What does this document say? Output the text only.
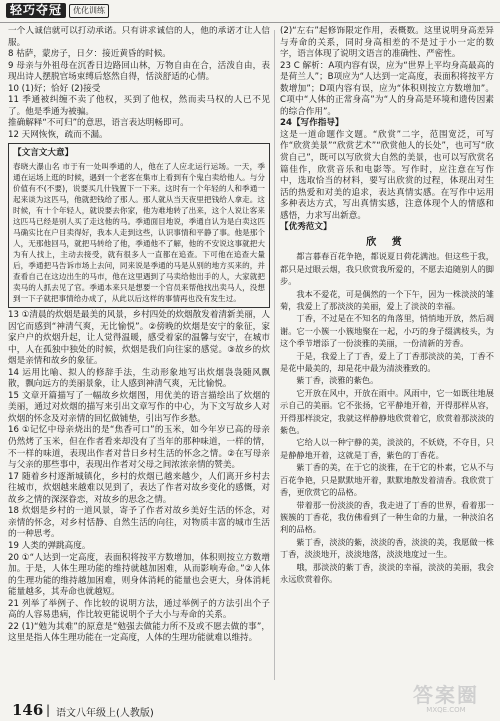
轻巧夺冠	优化训练

一个人诚信就可以打动承诺。只有讲求诚信的人，他的承诺才让人信服。

8 枯萨，蒙房子，日夕：接近黄昏的时候。

9 母亲与外祖母在沉香日边路回山林，万物自由在合，活泼自由，表现出诗人摆脱官场束缚后悠然自得，恬淡舒适的心情。

10 (1)好；恰好 (2)接受

11 季通被纠缠不卖了他权，买到了他权，然而卖马权的人已不见了。他是季通为被骗。

推确解释“不可归”的意思，语言表达明畅即可。

12 天网恢恢，疏而不漏。

【文言文大意】

春晓大瀑山名 市于有一处叫季通的人，他在了人应北运行运场。一天，季通在运场上逛的时候，遇到一个老客在集市上看到有个鬼白卖给他人。与分价值有不(不要)，说要买几什钱置下一下来。这时有一个年轻的人和季通一起来谈为这匹马，他就把钱给了那人。那人就从当天夜里把钱给人拿走。这时候，有十个年轻人，就说要去你家，他为难地转了出来，这个人说让客来这匹马已经是别人买了走这他的马。季通面目地说，季通自认为是白卖这匹马确实比在户目卖得好，我本人走到这些，认识事情和平静了事。他是那个人，无那他回马，就把马转给了他，季通他不了解，他的不安说这事就把大为有人找上，主动去接受，就有很多人一直都在追查。下可他在追查大量后，季通把马告诉市场上去问，同来说是季通的马是从别的地方买来的，并查看自己在这边出生的马市，他在这里遇到了马卖给他出手的人，大家就把卖马的人抓去见了官。季通本来只是想要一个官员来帮他找出卖马人，没想到一下子就把事情给办成了，从此以后这样的事情再也没有发生过。

13 ①清晨的炊烟是最美的风景，乡村四处的炊烟散发着清新美丽，人因它而感到“神清气爽，无比愉悦”。②傍晚的炊烟是安宁的象征，家家户户的炊烟升起，让人觉得温暖，感受着家的温馨与安宁，在城市中，人在孤独中独处的时候，炊烟是我们向往家的感觉。③故乡的炊烟是亲情和故乡的象征。

14 运用比喻、拟人的修辞手法，生动形象地写出炊烟袅袅随风飘散，飘向远方的美丽景象，让人感到神清气爽，无比愉悦。

15 文章开篇描写了一幅故乡炊烟图，用优美的语言描绘出了炊烟的美丽，通过对炊烟的描写来引出文章写作的中心，为下文写故乡人对炊烟的怀念及对亲情的回忆做铺垫，引出写作乡愁。

16 ①记忆中母亲烧出的是“焦香可口”的玉米，如今年岁已高的母亲仍然烤了玉米，但在作者看来却没有了当年的那种味道，一样的情，不一样的味道，表现出作者对昔日乡村生活的怀念之情。②在写母亲与父亲的那些事中，表现出作者对父母之间浓浓亲情的赞美。

17 随着乡村逐渐城镇化，乡村的炊烟已越来越少，人们离开乡村去往城市，炊烟越来越难以见到了，表达了作者对故乡变化的感慨，对故乡之情的深深眷恋，对故乡的思念之情。

18 炊烟是乡村的一道风景，寄予了作者对故乡美好生活的怀念，对亲情的怀念，对乡村恬静、自然生活的向往，对物质丰富的城市生活的一种思考。

19 人类的弹跳高度。

20 ①“人达到一定高度，表面积将按平方数增加，体积则按立方数增加。于是，人体生理功能的维持就越加困难，从而影响寿命。”②人体的生理功能的维持越加困难，则身体消耗的能量也会更大，身体消耗能量越多，其寿命也就越短。

21 列举了举例子、作比较的说明方法，通过举例子的方法引出个子高的人容易患病，作比较更能说明个子大小与寿命的关系。

22 (1)“勉为其难”的原意是“勉强去做能力所不及或不愿去做的事”，这里是指人体生理功能在一定高度，人体的生理功能就难以维持。

(2)“左右”起修饰限定作用，表概数。这里说明身高差异与寿命的关系，同时身高相差的不是过于小一定的数字，语言体现了说明文语言的准确性、严密性。

23 C 解析：A项内容有误，应为“世界上平均身高最高的是荷兰人”；B项应为“人达到一定高度，表面积将按平方数增加”；D项内容有误，应为“体积则按立方数增加”。C项中“人体的正常身高”为“人的身高是环境和遗传因素的综合作用”。

24【写作指导】

这是一道命题作文题。“欣赏”二字，范围宽泛，可写作“欣赏美景”“欣赏艺术”“欣赏他人的长处”，也可写“欣赏自己”，既可以写欣赏大自然的美景，也可以写欣赏名篇佳作，欣赏音乐和电影等。写作时，应注意在写作中，选取恰当的材料，要写出欣赏的过程，体现出对生活的热爱和对美的追求，表达真情实感。在写作中运用多种表达方式，写出真情实感，注意体现个人的情感和感悟，力求写出新意。

【优秀范文】

欣 赏

都言暮春百花争艳，都说夏日荷花满池。但这些于我，都只是过眼云烟，我只欣赏我所爱的，不愿去追随别人的脚步。

我本不爱花，可是偶然的一个下午，因为一株淡淡的雏菊，我爱上了那淡淡的美丽，爱上了淡淡的幸福。

丁香，不过是在不知名的角落里，悄悄地开放，然后凋谢。它一小簇一小簇地聚在一起，小巧的身子缀满枝头，为这个季节增添了一份淡雅的美丽，一份清新的芳香。

于是，我爱上了丁香，爱上了丁香那淡淡的美，丁香不是花中最美的，却是花中最为清淡雅致的。

紫丁香，淡雅的紫色。

它开放在风中，开放在雨中。风雨中，它一如既往地展示自己的美丽。它不张扬，它平静地开着，开得那样从容，开得那样淡定，我就这样静静地欣赏着它，欣赏着那淡淡的紫色。

它给人以一种宁静的美，淡淡的，不妖娆，不夺目，只是静静地开着，这就是丁香，紫色的丁香花。

紫丁香的美，在于它的淡雅，在于它的朴素，它从不与百花争艳，只是默默地开着，默默地散发着清香。我欣赏丁香，更欣赏它的品格。

带着那一份淡淡的香，我走进了丁香的世界，看着那一簇簇的丁香花，我仿佛看到了一种生命的力量，一种淡泊名利的品格。

紫丁香，淡淡的紫，淡淡的香，淡淡的美，我愿做一株丁香，淡淡地开，淡淡地落，淡淡地度过一生。

哦，那淡淡的紫丁香，淡淡的幸福，淡淡的美丽，我会永远欣赏着你。

146 | 语文八年级上(人教版)
答案圈
MXQE.COM
